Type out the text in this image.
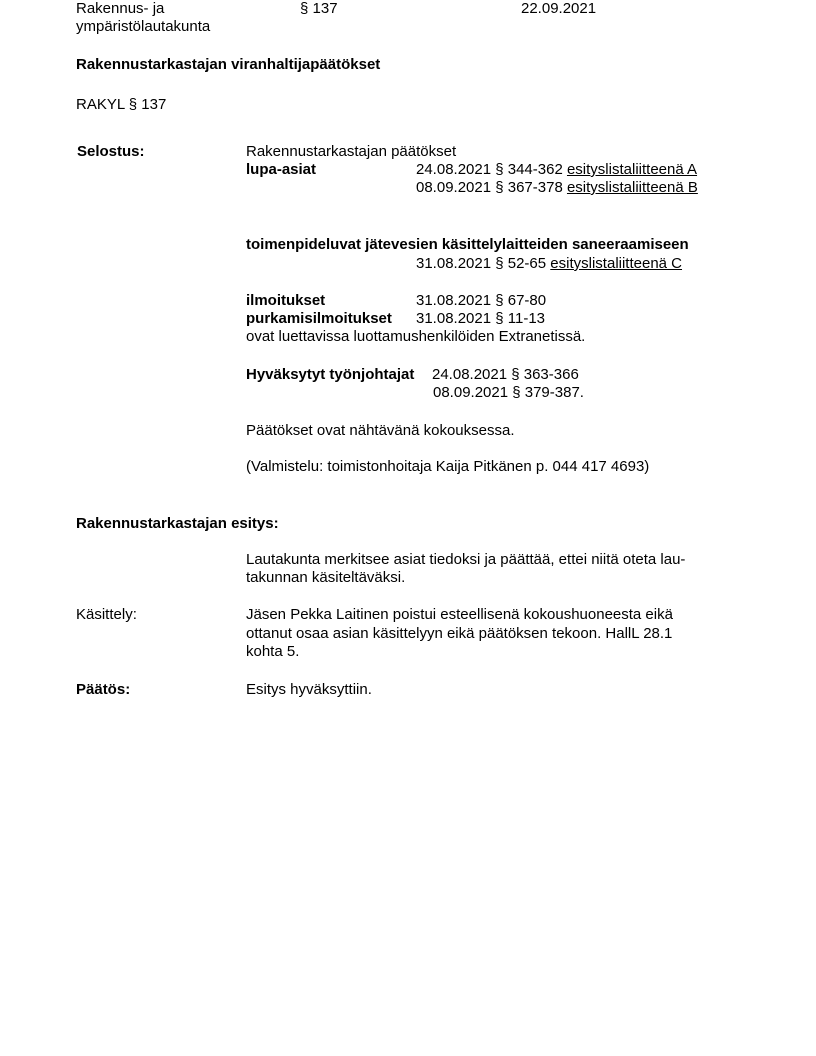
Rakennus- ja
ympäristölautakunta
§ 137	22.09.2021
Rakennustarkastajan viranhaltijapäätökset
RAKYL § 137
Selostus:	Rakennustarkastajan päätökset
lupa-asiat	24.08.2021 § 344-362 esityslistaliitteenä A
08.09.2021 § 367-378 esityslistaliitteenä B
toimenpideluvat jätevesien käsittelylaitteiden saneeraamiseen
31.08.2021 § 52-65 esityslistaliitteenä C
ilmoitukset	31.08.2021 § 67-80
purkamisilmoitukset 31.08.2021 § 11-13
ovat luettavissa luottamushenkilöiden Extranetissä.
Hyväksytyt työnjohtajat 24.08.2021 § 363-366
08.09.2021 § 379-387.
Päätökset ovat nähtävänä kokouksessa.
(Valmistelu: toimistonhoitaja Kaija Pitkänen p. 044 417 4693)
Rakennustarkastajan esitys:
Lautakunta merkitsee asiat tiedoksi ja päättää, ettei niitä oteta lau-
takunnan käsiteltäväksi.
Käsittely:	Jäsen Pekka Laitinen poistui esteellisenä kokoushuoneesta eikä
ottanut osaa asian käsittelyyn eikä päätöksen tekoon. HallL 28.1
kohta 5.
Päätös:	Esitys hyväksyttiin.
